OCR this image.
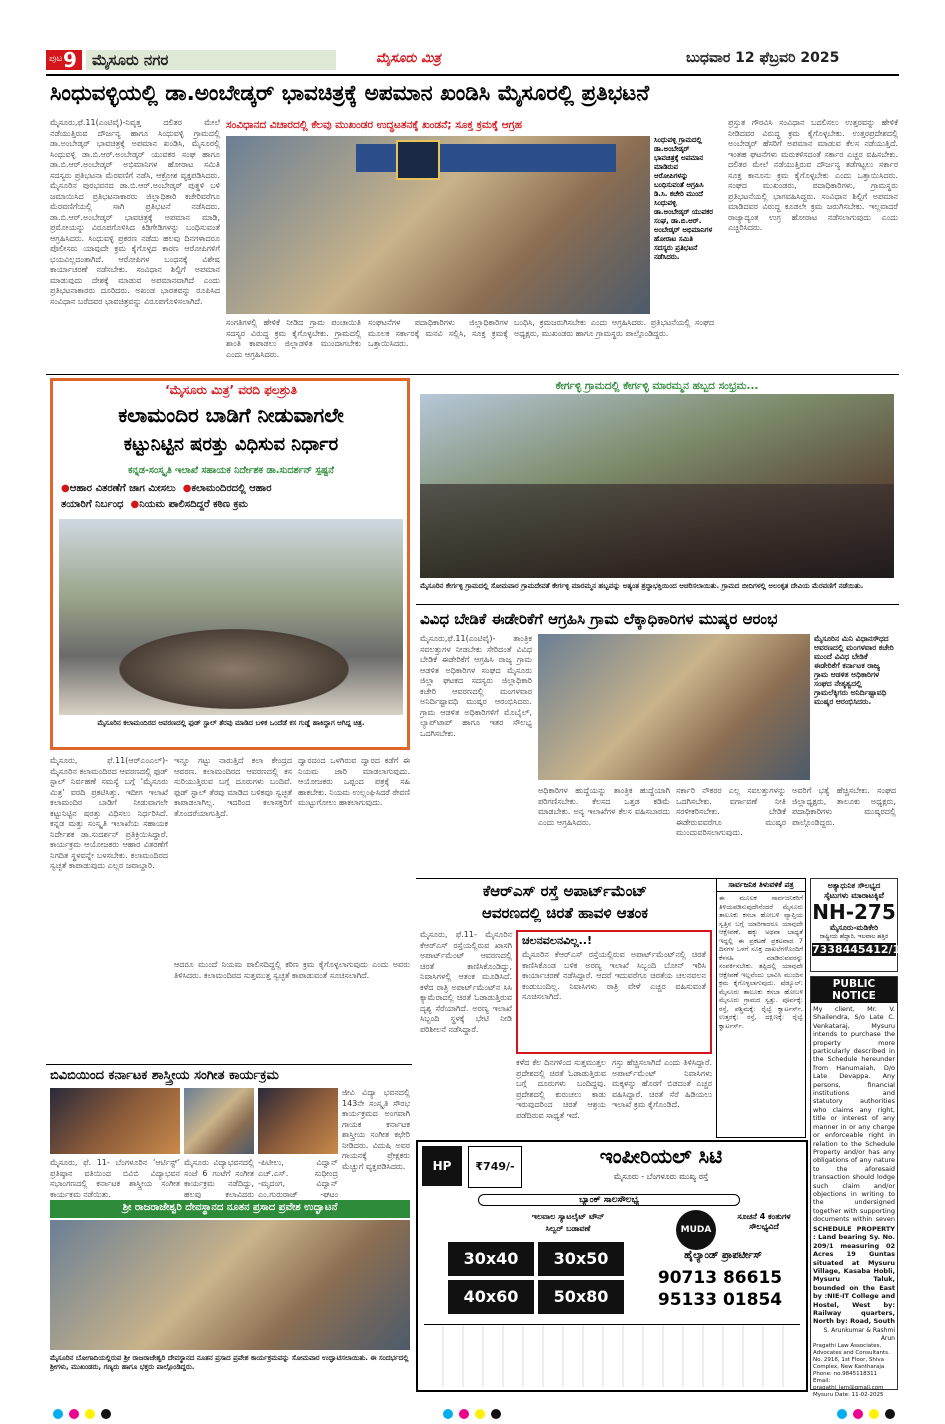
ಪುಟ 9 ಮೈಸೂರು ನಗರ	ಮೈಸೂರು ಮಿತ್ರ	ಬುಧವಾರ 12 ಫೆಬ್ರವರಿ 2025
ಸಿಂಧುವಳ್ಳಿಯಲ್ಲಿ ಡಾ.ಅಂಬೇಡ್ಕರ್ ಭಾವಚಿತ್ರಕ್ಕೆ ಅಪಮಾನ ಖಂಡಿಸಿ ಮೈಸೂರಲ್ಲಿ ಪ್ರತಿಭಟನೆ
ಮೈಸೂರು,ಫೆ.11(ಎಂಟಿವೈ)-ನಿವೃತ್ತ ದಲಿತರ ಮೇಲೆ ನಡೆಯುತ್ತಿರುವ ದೌರ್ಜನ್ಯ ಹಾಗೂ ಸಿಂಧುವಳ್ಳಿ ಗ್ರಾಮದಲ್ಲಿ ಡಾ.ಅಂಬೇಡ್ಕರ್ ಭಾವಚಿತ್ರಕ್ಕೆ ಅಪಮಾನ ಖಂಡಿಸಿ, ಮೈಸೂರಲ್ಲಿ ಸಿಂಧುವಳ್ಳಿ ಡಾ.ಬಿ.ಆರ್.ಅಂಬೇಡ್ಕರ್ ಯುವಕರ ಸಂಘ ಹಾಗೂ ಡಾ.ಬಿ.ಆರ್.ಅಂಬೇಡ್ಕರ್ ಅಭಿಮಾನಿಗಳ ಹೋರಾಟ ಸಮಿತಿ ಸದಸ್ಯರು ಪ್ರತಿಭಟನಾ ಮೆರವಣಿಗೆ ನಡೆಸಿ, ಆಕ್ರೋಶ ವ್ಯಕ್ತಪಡಿಸಿದರು. ಮೈಸೂರಿನ ಪುರಭವನದ ಡಾ.ಬಿ.ಆರ್.ಅಂಬೇಡ್ಕರ್ ಪುತ್ಥಳಿ ಬಳಿ ಜಮಾಯಿಸಿದ ಪ್ರತಿಭಟನಾಕಾರರು ಜಿಲ್ಲಾಧಿಕಾರಿ ಕಚೇರಿವರೆಗೂ ಮೆರವಣಿಗೆಯಲ್ಲಿ ಸಾಗಿ ಪ್ರತಿಭಟನೆ ನಡೆಸಿದರು. ಡಾ.ಬಿ.ಆರ್.ಅಂಬೇಡ್ಕರ್ ಭಾವಚಿತ್ರಕ್ಕೆ ಅಪಮಾನ ಮಾಡಿ, ಪ್ರಮೋಯನ್ನು ವಿರೂಪಗೊಳಿಸಿದ ಕಿಡಿಗೇಡಿಗಳನ್ನು ಬಂಧಿಸುವಂತೆ ಆಗ್ರಹಿಸಿದರು. ಸಿಂಧುವಳ್ಳಿ ಪ್ರಕರಣ ನಡೆದು ಹಲವು ದಿನಗಳಾದರೂ ಪೊಲೀಸರು ಯಾವುದೇ ಕ್ರಮ ಕೈಗೊಳ್ಳದ ಕಾರಣ ಆರೋಪಿಗಳಿಗೆ ಭಯವಿಲ್ಲದಂತಾಗಿದೆ. ಆರೋಪಿಗಳ ಬಂಧನಕ್ಕೆ ವಿಶೇಷ ಕಾರ್ಯಾಚರಣೆ ನಡೆಸಬೇಕು. ಸಂವಿಧಾನ ಶಿಲ್ಪಿಗೆ ಅಪಮಾನ ಮಾಡುವುದು ದೇಶಕ್ಕೆ ಮಾಡುವ ಅಪಮಾನವಾಗಿದೆ ಎಂದು ಪ್ರತಿಭಟನಾಕಾರರು ದೂರಿದರು. ಅಖಂಡ ಭಾರತವನ್ನು ರೂಪಿಸಿದ ಸಂವಿಧಾನ ಬರೆದವರ ಭಾವಚಿತ್ರವನ್ನು ವಿರೂಪಗೊಳಿಸಲಾಗಿದೆ.
ಸಂವಿಧಾನದ ವಿಚಾರದಲ್ಲಿ ಕೆಲವು ಮುಖಂಡರ ಉದ್ಧಟತನಕ್ಕೆ ಖಂಡನೆ; ಸೂಕ್ತ ಕ್ರಮಕ್ಕೆ ಆಗ್ರಹ
ಸಿಂಧುವಳ್ಳಿ ಗ್ರಾಮದಲ್ಲಿ ಡಾ.ಅಂಬೇಡ್ಕರ್ ಭಾವಚಿತ್ರಕ್ಕೆ ಅಪಮಾನ ಮಾಡಿರುವ ಆರೋಪಿಗಳನ್ನು ಬಂಧಿಸುವಂತೆ ಆಗ್ರಹಿಸಿ ಡಿ.ಸಿ. ಕಚೇರಿ ಮುಂದೆ ಸಿಂಧುವಳ್ಳಿ ಡಾ.ಅಂಬೇಡ್ಕರ್ ಯುವಕರ ಸಂಘ, ಡಾ.ಬಿ.ಆರ್. ಅಂಬೇಡ್ಕರ್ ಅಭಿಮಾನಿಗಳ ಹೋರಾಟ ಸಮಿತಿ ಸದಸ್ಯರು ಪ್ರತಿಭಟನೆ ನಡೆಸಿದರು.
ಸಂಗತಿಗಳಲ್ಲಿ ಹೇಳಿಕೆ ನೀಡಿದ ಗ್ರಾಮ ಪಂಚಾಯಿತಿ ಸದಸ್ಯರ ವಿರುದ್ಧ ಕ್ರಮ ಕೈಗೊಳ್ಳಬೇಕು. ಗ್ರಾಮದಲ್ಲಿ ಶಾಂತಿ ಕಾಪಾಡಲು ಜಿಲ್ಲಾಡಳಿತ ಮುಂದಾಗಬೇಕು ಎಂದು ಆಗ್ರಹಿಸಿದರು.
ಸಂಘಟನೆಗಳ ಪದಾಧಿಕಾರಿಗಳು ಜಿಲ್ಲಾಧಿಕಾರಿಗಳ ಮೂಲಕ ಸರ್ಕಾರಕ್ಕೆ ಮನವಿ ಸಲ್ಲಿಸಿ, ಸೂಕ್ತ ಕ್ರಮಕ್ಕೆ ಒತ್ತಾಯಿಸಿದರು.
ಬಂಧಿಸಿ, ಕ್ರಮಜರುಗಿಸಬೇಕು ಎಂದು ಆಗ್ರಹಿಸಿದರು. ಪ್ರತಿಭಟನೆಯಲ್ಲಿ ಸಂಘದ ಅಧ್ಯಕ್ಷರು, ಮುಖಂಡರು ಹಾಗೂ ಗ್ರಾಮಸ್ಥರು ಪಾಲ್ಗೊಂಡಿದ್ದರು.
ಪ್ರಸ್ತುತ ಗೌರವಿಸಿ ಸಂವಿಧಾನ ಬದಲಿಸಲು ಉತ್ತರವನ್ನು ಹೇಳಿಕೆ ನೀಡಿದವರ ವಿರುದ್ಧ ಕ್ರಮ ಕೈಗೊಳ್ಳಬೇಕು. ಉತ್ತರಪ್ರದೇಶದಲ್ಲಿ ಅಂಬೇಡ್ಕರ್ ಹೆಸರಿಗೆ ಅಪಮಾನ ಮಾಡುವ ಕೆಲಸ ನಡೆಯುತ್ತಿದೆ. ಇಂತಹ ಘಟನೆಗಳು ಮರುಕಳಿಸದಂತೆ ಸರ್ಕಾರ ಎಚ್ಚರ ವಹಿಸಬೇಕು. ದಲಿತರ ಮೇಲೆ ನಡೆಯುತ್ತಿರುವ ದೌರ್ಜನ್ಯ ತಡೆಗಟ್ಟಲು ಸರ್ಕಾರ ಸೂಕ್ತ ಕಾನೂನು ಕ್ರಮ ಕೈಗೊಳ್ಳಬೇಕು ಎಂದು ಒತ್ತಾಯಿಸಿದರು. ಸಂಘದ ಮುಖಂಡರು, ಪದಾಧಿಕಾರಿಗಳು, ಗ್ರಾಮಸ್ಥರು ಪ್ರತಿಭಟನೆಯಲ್ಲಿ ಭಾಗವಹಿಸಿದ್ದರು. ಸಂವಿಧಾನ ಶಿಲ್ಪಿಗೆ ಅಪಮಾನ ಮಾಡಿದವರ ವಿರುದ್ಧ ಕೂಡಲೇ ಕ್ರಮ ಜರುಗಿಸಬೇಕು. ಇಲ್ಲವಾದರೆ ರಾಜ್ಯಾದ್ಯಂತ ಉಗ್ರ ಹೋರಾಟ ನಡೆಸಲಾಗುವುದು ಎಂದು ಎಚ್ಚರಿಸಿದರು.
‘ಮೈಸೂರು ಮಿತ್ರ’ ವರದಿ ಫಲಶ್ರುತಿ
ಕಲಾಮಂದಿರ ಬಾಡಿಗೆ ನೀಡುವಾಗಲೇ
ಕಟ್ಟುನಿಟ್ಟಿನ ಷರತ್ತು ವಿಧಿಸುವ ನಿರ್ಧಾರ
ಕನ್ನಡ-ಸಂಸ್ಕೃತಿ ಇಲಾಖೆ ಸಹಾಯಕ ನಿರ್ದೇಶಕ ಡಾ.ಸುದರ್ಶನ್ ಸ್ಪಷ್ಟನೆ
●ಆಹಾರ ವಿತರಣೆಗೆ ಜಾಗ ಮೀಸಲು ●ಕಲಾಮಂದಿರದಲ್ಲಿ ಆಹಾರ
ತಯಾರಿಗೆ ನಿರ್ಬಂಧ ●ನಿಯಮ ಪಾಲಿಸದಿದ್ದರೆ ಕಠಿಣ ಕ್ರಮ
ಮೈಸೂರಿನ ಕಲಾಮಂದಿರದ ಆವರಣದಲ್ಲಿ ಫುಡ್ ಸ್ಟಾಲ್ ತೆರವು ಮಾಡಿದ ಬಳಿಕ ಒಂದೆಡೆ ಕಸ ಗುಡ್ಡೆ ಹಾಕಿದ್ದಾಗ ಆಗಿದ್ದ ಚಿತ್ರ.
ಕೇರ್ಗಳ್ಳಿ ಗ್ರಾಮದಲ್ಲಿ ಕೇರ್ಗಳ್ಳಿ ಮಾರಮ್ಮನ ಹಬ್ಬದ ಸಂಭ್ರಮ...
ಮೈಸೂರಿನ ಕೇರ್ಗಳ್ಳಿ ಗ್ರಾಮದಲ್ಲಿ ಸೋಮವಾರ ಗ್ರಾಮದೇವತೆ ಕೇರ್ಗಳ್ಳಿ ಮಾರಮ್ಮನ ಹಬ್ಬವನ್ನು ಅತ್ಯಂತ ಶ್ರದ್ಧಾಭಕ್ತಿಯಿಂದ ಆಚರಿಸಲಾಯಿತು. ಗ್ರಾಮದ ಬೀದಿಗಳಲ್ಲಿ ಅಲಂಕೃತ ದೇವಿಯ ಮೆರವಣಿಗೆ ನಡೆಯಿತು.
ವಿವಿಧ ಬೇಡಿಕೆ ಈಡೇರಿಕೆಗೆ ಆಗ್ರಹಿಸಿ ಗ್ರಾಮ ಲೆಕ್ಕಾಧಿಕಾರಿಗಳ ಮುಷ್ಕರ ಆರಂಭ
ಮೈಸೂರು,ಫೆ.11(ಎಂಟಿವೈ)- ತಾಂತ್ರಿಕ ಸವಲತ್ತುಗಳ ನೀಡಬೇಕು ಸೇರಿದಂತೆ ವಿವಿಧ ಬೇಡಿಕೆ ಈಡೇರಿಕೆಗೆ ಆಗ್ರಹಿಸಿ ರಾಜ್ಯ ಗ್ರಾಮ ಆಡಳಿತ ಅಧಿಕಾರಿಗಳ ಸಂಘದ ಮೈಸೂರು ಜಿಲ್ಲಾ ಘಟಕದ ಸದಸ್ಯರು ಜಿಲ್ಲಾಧಿಕಾರಿ ಕಚೇರಿ ಆವರಣದಲ್ಲಿ ಮಂಗಳವಾರ ಅನಿರ್ದಿಷ್ಟಾವಧಿ ಮುಷ್ಕರ ಆರಂಭಿಸಿದರು. ಗ್ರಾಮ ಆಡಳಿತ ಅಧಿಕಾರಿಗಳಿಗೆ ಮೊಬೈಲ್, ಲ್ಯಾಪ್‌ಟಾಪ್ ಹಾಗೂ ಇತರ ಸೌಲಭ್ಯ ಒದಗಿಸಬೇಕು.
ಮೈಸೂರಿನ ಮಿನಿ ವಿಧಾನಸೌಧದ ಆವರಣದಲ್ಲಿ ಮಂಗಳವಾರ ಕಚೇರಿ ಮುಂದೆ ವಿವಿಧ ಬೇಡಿಕೆ ಈಡೇರಿಕೆಗೆ ಕರ್ನಾಟಕ ರಾಜ್ಯ ಗ್ರಾಮ ಆಡಳಿತ ಅಧಿಕಾರಿಗಳ ಸಂಘದ ನೇತೃತ್ವದಲ್ಲಿ ಗ್ರಾಮಲೆಕ್ಕಿಗರು ಅನಿರ್ದಿಷ್ಟಾವಧಿ ಮುಷ್ಕರ ಆರಂಭಿಸಿದರು.
ಅಧಿಕಾರಿಗಳ ಹುದ್ದೆಯನ್ನು ತಾಂತ್ರಿಕ ಹುದ್ದೆಯಾಗಿ ಪರಿಗಣಿಸಬೇಕು. ಕೆಲಸದ ಒತ್ತಡ ಕಡಿಮೆ ಮಾಡಬೇಕು. ಅನ್ಯ ಇಲಾಖೆಗಳ ಕೆಲಸ ವಹಿಸಬಾರದು ಎಂದು ಆಗ್ರಹಿಸಿದರು.
ಸರ್ಕಾರಿ ನೌಕರರ ಎಲ್ಲ ಸವಲತ್ತುಗಳನ್ನು ಒದಗಿಸಬೇಕು. ವರ್ಗಾವಣೆ ನೀತಿ ಸರಳೀಕರಿಸಬೇಕು. ಬೇಡಿಕೆ ಈಡೇರುವವರೆಗೂ ಮುಷ್ಕರ ಮುಂದುವರಿಸಲಾಗುವುದು.
ಅವರಿಗೆ ಭತ್ಯೆ ಹೆಚ್ಚಿಸಬೇಕು. ಸಂಘದ ಜಿಲ್ಲಾಧ್ಯಕ್ಷರು, ತಾಲೂಕು ಅಧ್ಯಕ್ಷರು, ಪದಾಧಿಕಾರಿಗಳು ಮುಷ್ಕರದಲ್ಲಿ ಪಾಲ್ಗೊಂಡಿದ್ದರು.
ಮೈಸೂರು, ಫೆ.11(ಆರ್‌ಎಂಎಲ್)- ಮೈಸೂರಿನ ಕಲಾಮಂದಿರದ ಆವರಣದಲ್ಲಿ ಫುಡ್ ಸ್ಟಾಲ್ ನಿರ್ವಹಣೆ ಸಮಸ್ಯೆ ಬಗ್ಗೆ ‘ಮೈಸೂರು ಮಿತ್ರ’ ವರದಿ ಪ್ರಕಟಿಸಿತ್ತು. ಇದೀಗ ಇಲಾಖೆ ಕಲಾಮಂದಿರ ಬಾಡಿಗೆ ನೀಡುವಾಗಲೇ ಕಟ್ಟುನಿಟ್ಟಿನ ಷರತ್ತು ವಿಧಿಸಲು ನಿರ್ಧರಿಸಿದೆ. ಕನ್ನಡ ಮತ್ತು ಸಂಸ್ಕೃತಿ ಇಲಾಖೆಯ ಸಹಾಯಕ ನಿರ್ದೇಶಕ ಡಾ.ಸುದರ್ಶನ್ ಪ್ರತಿಕ್ರಿಯಿಸಿದ್ದಾರೆ. ಕಾರ್ಯಕ್ರಮ ಆಯೋಜಕರು ಆಹಾರ ವಿತರಣೆಗೆ ನಿಗದಿತ ಸ್ಥಳವನ್ನೇ ಬಳಸಬೇಕು. ಕಲಾಮಂದಿರದ ಸ್ವಚ್ಛತೆ ಕಾಪಾಡುವುದು ಎಲ್ಲರ ಜವಾಬ್ದಾರಿ.
ಇನ್ನೂ ಗಟ್ಟು ನಾರುತ್ತಿದೆ ಕಲಾ ಕೇಂದ್ರದ ಆವರಣ. ಕಲಾಮಂದಿರದ ಆವರಣದಲ್ಲಿ ಕಸ ಸುರಿಯುತ್ತಿರುವ ಬಗ್ಗೆ ದೂರುಗಳು ಬಂದಿವೆ. ಫುಡ್ ಸ್ಟಾಲ್ ತೆರವು ಮಾಡಿದ ಬಳಿಕವೂ ಸ್ವಚ್ಛತೆ ಕಾಪಾಡಲಾಗಿಲ್ಲ. ಇದರಿಂದ ಕಲಾಸಕ್ತರಿಗೆ ತೊಂದರೆಯಾಗುತ್ತಿದೆ.
ದ್ವಾರದಂದ ಒಳಗಿರುವ ದ್ವಾರದ ಕಡೆಗೆ ಈ ನಿಯಮ ಜಾರಿ ಮಾಡಲಾಗುವುದು. ಆಯೋಜಕರು ಒಪ್ಪಂದ ಪತ್ರಕ್ಕೆ ಸಹಿ ಹಾಕಬೇಕು. ನಿಯಮ ಉಲ್ಲಂಘಿಸಿದರೆ ಠೇವಣಿ ಮುಟ್ಟುಗೋಲು ಹಾಕಲಾಗುವುದು.
ಕೆಆರ್‌ಎಸ್ ರಸ್ತೆ ಅಪಾರ್ಟ್‌ಮೆಂಟ್
ಆವರಣದಲ್ಲಿ ಚಿರತೆ ಹಾವಳಿ ಆತಂಕ
ಮೈಸೂರು, ಫೆ.11- ಮೈಸೂರಿನ ಕೆಆರ್‌ಎಸ್ ರಸ್ತೆಯಲ್ಲಿರುವ ಖಾಸಗಿ ಅಪಾರ್ಟ್‌ಮೆಂಟ್ ಆವರಣದಲ್ಲಿ ಚಿರತೆ ಕಾಣಿಸಿಕೊಂಡಿದ್ದು, ನಿವಾಸಿಗಳಲ್ಲಿ ಆತಂಕ ಮೂಡಿಸಿದೆ. ಕಳೆದ ರಾತ್ರಿ ಅಪಾರ್ಟ್‌ಮೆಂಟ್‌ನ ಸಿಸಿ ಕ್ಯಾಮೆರಾದಲ್ಲಿ ಚಿರತೆ ಓಡಾಡುತ್ತಿರುವ ದೃಶ್ಯ ಸೆರೆಯಾಗಿದೆ. ಅರಣ್ಯ ಇಲಾಖೆ ಸಿಬ್ಬಂದಿ ಸ್ಥಳಕ್ಕೆ ಭೇಟಿ ನೀಡಿ ಪರಿಶೀಲನೆ ನಡೆಸಿದ್ದಾರೆ.
ಚಲನವಲನವಿಲ್ಲ..!
ಮೈಸೂರಿನ ಕೆಆರ್‌ಎಸ್ ರಸ್ತೆಯಲ್ಲಿರುವ ಅಪಾರ್ಟ್‌ಮೆಂಟ್‌ನಲ್ಲಿ ಚಿರತೆ ಕಾಣಿಸಿಕೊಂಡ ಬಳಿಕ ಅರಣ್ಯ ಇಲಾಖೆ ಸಿಬ್ಬಂದಿ ಬೋನ್ ಇರಿಸಿ ಕಾರ್ಯಾಚರಣೆ ನಡೆಸಿದ್ದಾರೆ. ಆದರೆ ಇದುವರೆಗೂ ಚಿರತೆಯ ಚಲನವಲನ ಕಂಡುಬಂದಿಲ್ಲ. ನಿವಾಸಿಗಳು ರಾತ್ರಿ ವೇಳೆ ಎಚ್ಚರ ವಹಿಸುವಂತೆ ಸೂಚಿಸಲಾಗಿದೆ.
ಕಳೆದ ಕೆಲ ದಿನಗಳಿಂದ ಸುತ್ತಮುತ್ತಲ ಪ್ರದೇಶದಲ್ಲಿ ಚಿರತೆ ಓಡಾಡುತ್ತಿರುವ ಬಗ್ಗೆ ದೂರುಗಳು ಬಂದಿದ್ದವು. ಪ್ರದೇಶದಲ್ಲಿ ಕುರುಚಲು ಕಾಡು ಇರುವುದರಿಂದ ಚಿರತೆ ಆಶ್ರಯ ಪಡೆದಿರುವ ಸಾಧ್ಯತೆ ಇದೆ.
ಗಸ್ತು ಹೆಚ್ಚಿಸಲಾಗಿದೆ ಎಂದು ತಿಳಿಸಿದ್ದಾರೆ. ಅಪಾರ್ಟ್‌ಮೆಂಟ್ ನಿವಾಸಿಗಳು ಮಕ್ಕಳನ್ನು ಹೊರಗೆ ಬಿಡದಂತೆ ಎಚ್ಚರ ವಹಿಸಿದ್ದಾರೆ. ಚಿರತೆ ಸೆರೆ ಹಿಡಿಯಲು ಇಲಾಖೆ ಕ್ರಮ ಕೈಗೊಂಡಿದೆ.
ಸಾರ್ವಜನಿಕ ತಿಳುವಳಿಕೆ ಪತ್ರ
ಈ ಮೂಲಕ ಸಾರ್ವಜನಿಕರಿಗೆ ತಿಳಿಯಪಡಿಸುವುದೇನೆಂದರೆ ಮೈಸೂರು ತಾಲೂಕು ಕಸಬಾ ಹೋಬಳಿ ವ್ಯಾಪ್ತಿಯ ಸ್ವತ್ತಿನ ಬಗ್ಗೆ ಯಾರಿಗಾದರೂ ಯಾವುದೇ ಆಕ್ಷೇಪಣೆ, ಹಕ್ಕು ಅಥವಾ ಬಾಧ್ಯತೆ ಇದ್ದಲ್ಲಿ ಈ ಪ್ರಕಟಣೆ ಪ್ರಕಟವಾದ 7 ದಿನಗಳ ಒಳಗೆ ಸೂಕ್ತ ದಾಖಲೆಗಳೊಂದಿಗೆ ಕೆಳಸಹಿ ಮಾಡಿರುವವರನ್ನು ಸಂಪರ್ಕಿಸಬೇಕು. ತಪ್ಪಿದಲ್ಲಿ ಯಾವುದೇ ಆಕ್ಷೇಪಣೆ ಇಲ್ಲವೆಂದು ಭಾವಿಸಿ ಮುಂದಿನ ಕ್ರಮ ಕೈಗೊಳ್ಳಲಾಗುವುದು. ಷೆಡ್ಯೂಲ್: ಮೈಸೂರು ತಾಲೂಕು ಕಸಬಾ ಹೋಬಳಿ ಮೈಸೂರು ಗ್ರಾಮದ ಸ್ವತ್ತು. ಪೂರ್ವಕ್ಕೆ: ರಸ್ತೆ, ಪಶ್ಚಿಮಕ್ಕೆ: ರೈಲ್ವೆ ಕ್ವಾರ್ಟರ್ಸ್, ಉತ್ತರಕ್ಕೆ: ರಸ್ತೆ, ದಕ್ಷಿಣಕ್ಕೆ: ರೈಲ್ವೆ ಕ್ವಾರ್ಟರ್ಸ್.
ಅತ್ಯಾಧುನಿಕ ಸೌಲಭ್ಯದ
ಸೈಟುಗಳು ಮಾರಾಟಕ್ಕಿವೆ
NH-275
ಮೈಸೂರು-ಮಡಿಕೇರಿ
ರಾಷ್ಟ್ರೀಯ ಹೆದ್ದಾರಿ, ಇಲವಾಲ ಹತ್ತಿರ
7338445412/13
PUBLIC NOTICE
My client, Mr. V. Shailendra, S/o Late C. Venkataraj, Mysuru intends to purchase the property more particularly described in the Schedule hereunder from Hanumaiah, D/o Late Devappa. Any persons, financial institutions and statutory authorities who claims any right, title or interest of any manner in or any charge or enforceable right in relation to the Schedule Property and/or has any obligations of any nature to the aforesaid transaction should lodge such claim and/or objections in writing to the undersigned together with supporting documents within seven
SCHEDULE PROPERTY : Land bearing Sy. No. 209/1 measuring 02 Acres 19 Guntas situated at Mysuru Village, Kasaba Hobli, Mysuru Taluk, bounded on the East by :NIE-IT College and Hostel, West by: Railway quarters, North by: Road, South
S. Arunkumar & Rashmi Arun
Pragathi Law Associates, Advocates and Consultants. No. 2916, 1st Floor, Shiva Complex, New Kantharaja
Phone: no.9845118311
Email: pragathi_lam@gmail.com
Mysuru Date: 11-02-2025
ಆದರೂ ಮುಂದೆ ನಿಯಮ ಪಾಲಿಸದಿದ್ದಲ್ಲಿ ಕಠಿಣ ಕ್ರಮ ಕೈಗೊಳ್ಳಲಾಗುವುದು ಎಂದು ಅವರು ತಿಳಿಸಿದರು. ಕಲಾಮಂದಿರದ ಸುತ್ತಮುತ್ತ ಸ್ವಚ್ಛತೆ ಕಾಪಾಡುವಂತೆ ಸೂಚಿಸಲಾಗಿದೆ.
ಬಿವಿಬಿಯಿಂದ ಕರ್ನಾಟಕ ಶಾಸ್ತ್ರೀಯ ಸಂಗೀತ ಕಾರ್ಯಕ್ರಮ
ಜೀವಿ ವಿದ್ಯಾ ಭವನದಲ್ಲಿ 143ನೇ ಸಂಸ್ಕೃತಿ ಸೌರಭ ಕಾರ್ಯಕ್ರಮದ ಅಂಗವಾಗಿ ಗಾಯಕ ಕರ್ನಾಟಕ ಶಾಸ್ತ್ರೀಯ ಸಂಗೀತ ಕಛೇರಿ ನೀಡಿದರು. ವಿದುಷಿ ಅವರ ಗಾಯನಕ್ಕೆ ಪ್ರೇಕ್ಷಕರು ಮೆಚ್ಚುಗೆ ವ್ಯಕ್ತಪಡಿಸಿದರು.
ಮೈಸೂರು, ಫೆ. 11- ಬೆಂಗಳೂರಿನ ‘ಆರ್ಟಿಸ್ಟ್’ ಪ್ರತಿಷ್ಠಾನ ವತಿಯಿಂದ ಬಿವಿಬಿ ವಿದ್ಯಾಭವನ ಸಭಾಂಗಣದಲ್ಲಿ ಕರ್ನಾಟಕ ಶಾಸ್ತ್ರೀಯ ಸಂಗೀತ ಕಾರ್ಯಕ್ರಮ ನಡೆಯಿತು.
ಮೈಸೂರು ವಿದ್ಯಾಭವನದಲ್ಲಿ ಸಂಜೆ 6 ಗಂಟೆಗೆ ಸಂಗೀತ ಕಾರ್ಯಕ್ರಮ ನಡೆದಿದ್ದು, ಹಲವು ಕಲಾವಿದರು
-ಪಿಟೀಲು, ವಿದ್ವಾನ್ ಎಚ್.ಎಸ್. ಸುಧೀಂದ್ರ -ಮೃದಂಗ, ವಿದ್ವಾನ್ ಎಂ.ಗುರುರಾಜ್ -ಘಟಂ
ಶ್ರೀ ರಾಜರಾಜೇಶ್ವರಿ ದೇವಸ್ಥಾನದ ನೂತನ ಪ್ರಸಾದ ಪ್ರವೇಶ ಉದ್ಘಾಟನೆ
ಮೈಸೂರಿನ ಬೋಗಾದಿಯಲ್ಲಿರುವ ಶ್ರೀ ರಾಜರಾಜೇಶ್ವರಿ ದೇವಸ್ಥಾನದ ನೂತನ ಪ್ರಸಾದ ಪ್ರವೇಶ ಕಾರ್ಯಕ್ರಮವನ್ನು ಸೋಮವಾರ ಉದ್ಘಾಟಿಸಲಾಯಿತು. ಈ ಸಂದರ್ಭದಲ್ಲಿ ಶ್ರೀಗಳು, ಮುಖಂಡರು, ಗಣ್ಯರು ಹಾಗೂ ಭಕ್ತರು ಪಾಲ್ಗೊಂಡಿದ್ದರು.
HP	₹749/-	ಇಂಪೀರಿಯಲ್ ಸಿಟಿ
ಮೈಸೂರು - ಬೆಂಗಳೂರು ಮುಖ್ಯ ರಸ್ತೆ
ಬ್ಯಾಂಕ್ ಸಾಲಸೌಲಭ್ಯ
ಇಲವಾಲ ಸ್ಯಾಟಲೈಟ್ ಟೌನ್
ಸಿಲ್ವರ್ ಬಡಾವಣೆ	MUDA
ಸೂಚನೆ 4 ಕಂತುಗಳ ಸೌಲಭ್ಯವಿದೆ
30x40	30x50
40x60	50x80
ಹೈಲ್ಯಾಂಡ್ ಪ್ರಾಪರ್ಟೀಸ್
90713 86615
95133 01854
